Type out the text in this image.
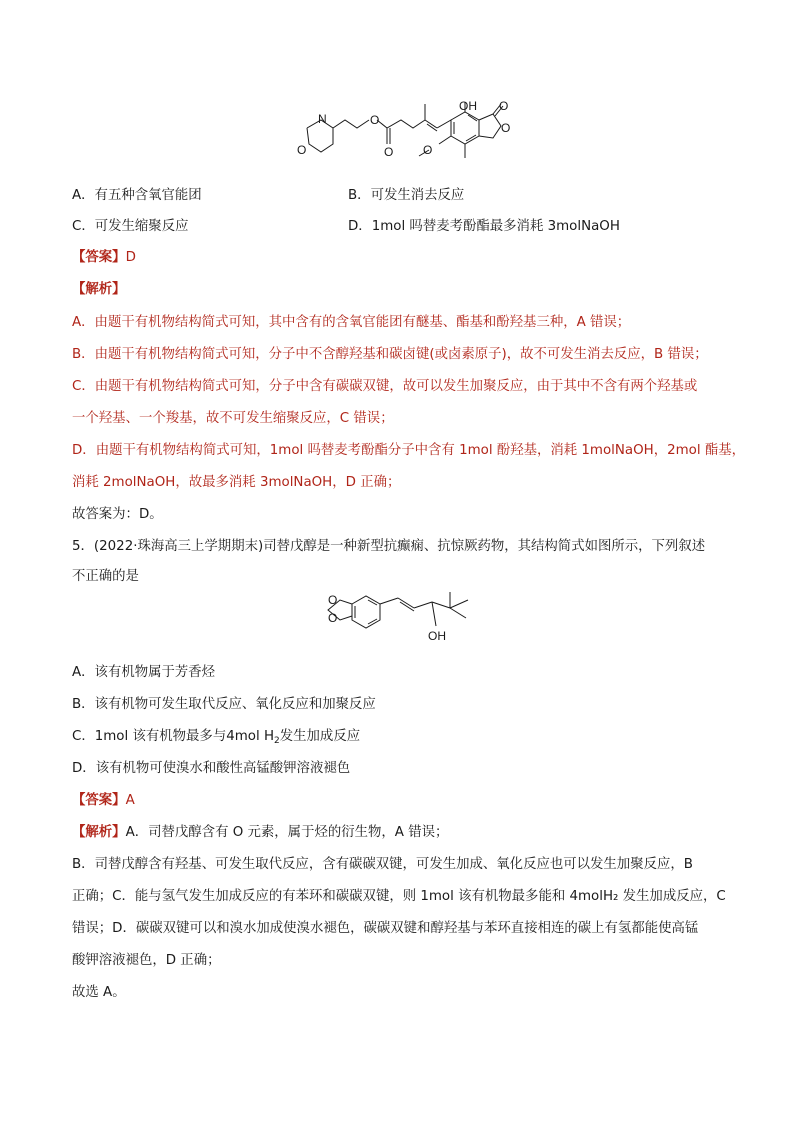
O
N	O
O
OH O
O
O
A．有五种含氧官能团	B．可发生消去反应
C．可发生缩聚反应	D．1mol 吗替麦考酚酯最多消耗 3molNaOH
【答案】D
【解析】
A．由题干有机物结构简式可知，其中含有的含氧官能团有醚基、酯基和酚羟基三种，A 错误；
B．由题干有机物结构简式可知，分子中不含醇羟基和碳卤键(或卤素原子)，故不可发生消去反应，B 错误；
C．由题干有机物结构简式可知，分子中含有碳碳双键，故可以发生加聚反应，由于其中不含有两个羟基或
一个羟基、一个羧基，故不可发生缩聚反应，C 错误；
D．由题干有机物结构简式可知，1mol 吗替麦考酚酯分子中含有 1mol 酚羟基，消耗 1molNaOH，2mol 酯基，
消耗 2molNaOH，故最多消耗 3molNaOH，D 正确；
故答案为：D。
5．(2022·珠海高三上学期期末)司替戊醇是一种新型抗癫痫、抗惊厥药物，其结构简式如图所示，下列叙述
不正确的是
O
O
OH
A．该有机物属于芳香烃
B．该有机物可发生取代反应、氧化反应和加聚反应
C．1mol 该有机物最多与4mol $H_2$发生加成反应
D．该有机物可使溴水和酸性高锰酸钾溶液褪色
【答案】A
【解析】A．司替戊醇含有 O 元素，属于烃的衍生物，A 错误；
B．司替戊醇含有羟基、可发生取代反应，含有碳碳双键，可发生加成、氧化反应也可以发生加聚反应，B
正确；C．能与氢气发生加成反应的有苯环和碳碳双键，则 1mol 该有机物最多能和 4molH₂ 发生加成反应，C
错误；D．碳碳双键可以和溴水加成使溴水褪色，碳碳双键和醇羟基与苯环直接相连的碳上有氢都能使高锰
酸钾溶液褪色，D 正确；
故选 A。
